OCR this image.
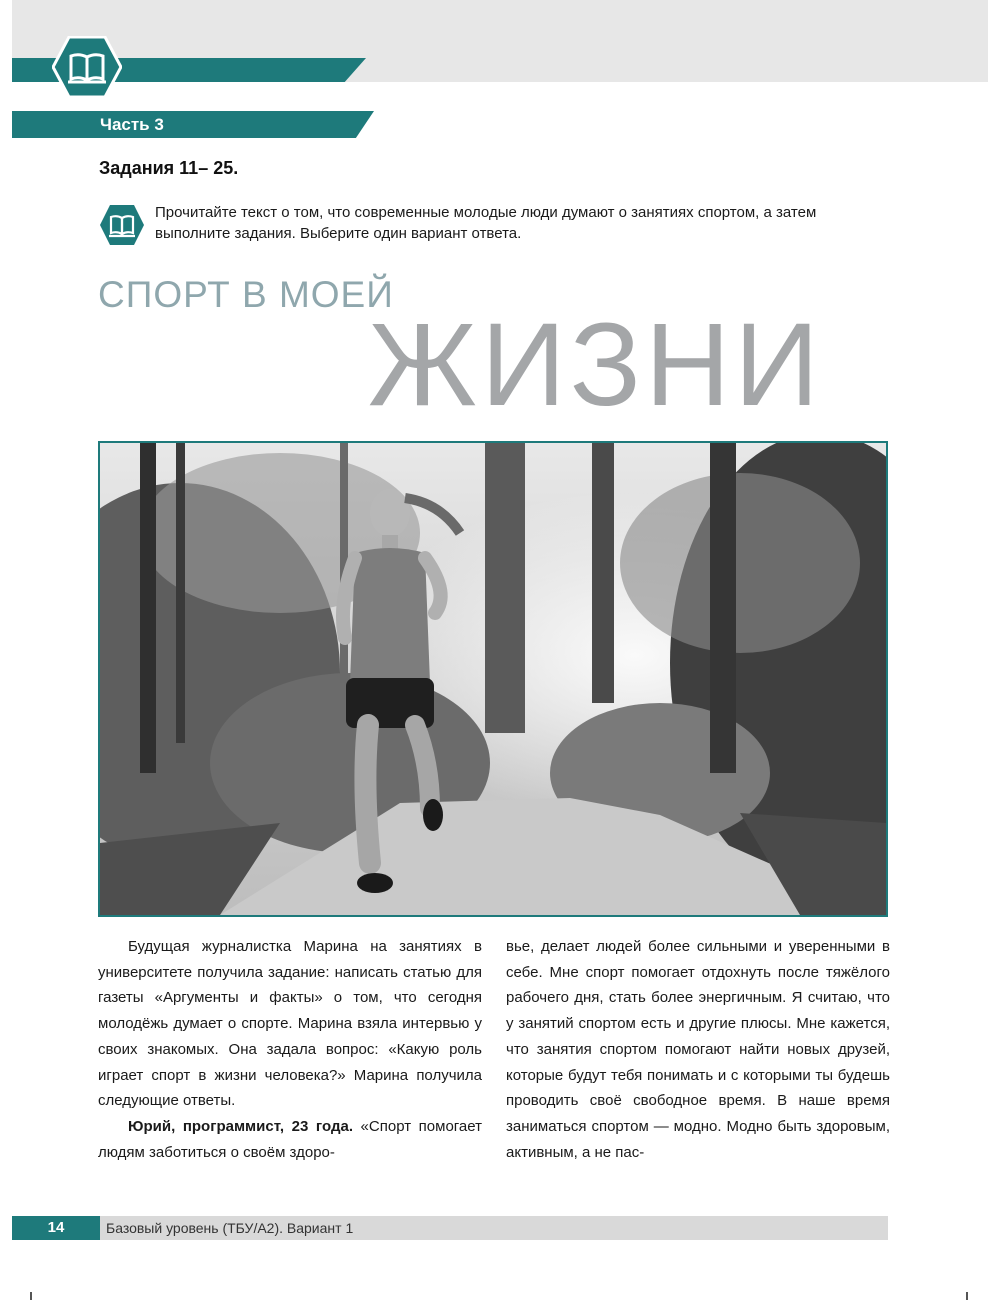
Часть 3
Задания 11– 25.
Прочитайте текст о том, что современные молодые люди думают о занятиях спортом, а затем выполните задания. Выберите один вариант ответа.
СПОРТ В МОЕЙ
ЖИЗНИ

Будущая журналистка Марина на занятиях в университете получила задание: написать статью для газеты «Аргументы и факты» о том, что сегодня молодёжь думает о спорте. Марина взяла интервью у своих знакомых. Она задала вопрос: «Какую роль играет спорт в жизни человека?» Марина получила следующие ответы.

Юрий, программист, 23 года. «Спорт помогает людям заботиться о своём здоро-

вье, делает людей более сильными и уверенными в себе. Мне спорт помогает отдохнуть после тяжёлого рабочего дня, стать более энергичным. Я считаю, что у занятий спортом есть и другие плюсы. Мне кажется, что занятия спортом помогают найти новых друзей, которые будут тебя понимать и с которыми ты будешь проводить своё свободное время. В наше время заниматься спортом — модно. Модно быть здоровым, активным, а не пас-

14	Базовый уровень (ТБУ/А2). Вариант 1
